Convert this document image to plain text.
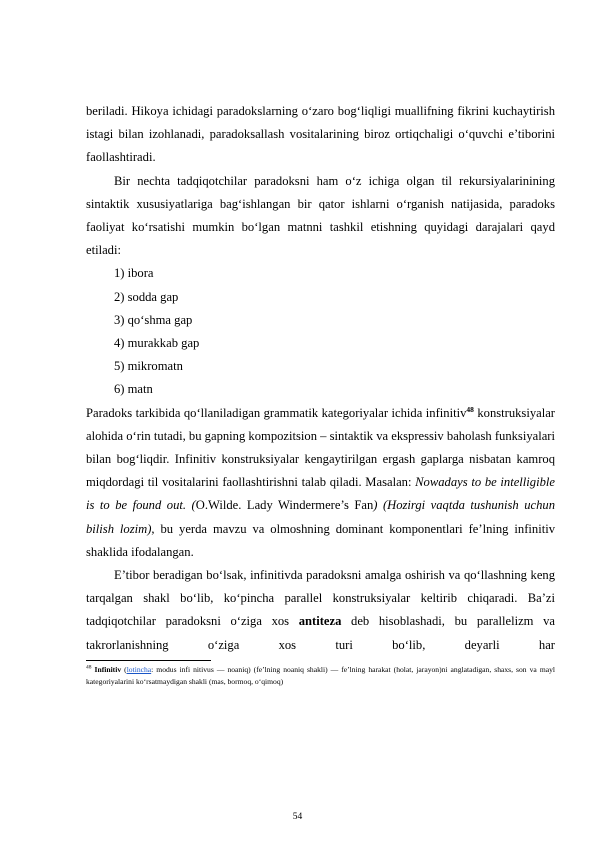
beriladi. Hikoya ichidagi paradokslarning o‘zaro bog‘liqligi muallifning fikrini kuchaytirish istagi bilan izohlanadi, paradoksallash vositalarining biroz ortiqchaligi o‘quvchi e’tiborini faollashtiradi.

Bir nechta tadqiqotchilar paradoksni ham o‘z ichiga olgan til rekursiyalarinining sintaktik xususiyatlariga bag‘ishlangan bir qator ishlarni o‘rganish natijasida, paradoks faoliyat ko‘rsatishi mumkin bo‘lgan matnni tashkil etishning quyidagi darajalari qayd etiladi:

1) ibora
2) sodda gap
3) qo‘shma gap
4) murakkab gap
5) mikromatn
6) matn

Paradoks tarkibida qo‘llaniladigan grammatik kategoriyalar ichida infinitiv$^{48}$ konstruksiyalar alohida o‘rin tutadi, bu gapning kompozitsion – sintaktik va ekspressiv baholash funksiyalari bilan bog‘liqdir. Infinitiv konstruksiyalar kengaytirilgan ergash gaplarga nisbatan kamroq miqdordagi til vositalarini faollashtirishni talab qiladi. Masalan: Nowadays to be intelligible is to be found out. (O.Wilde. Lady Windermere’s Fan) (Hozirgi vaqtda tushunish uchun bilish lozim), bu yerda mavzu va olmoshning dominant komponentlari fe’lning infinitiv shaklida ifodalangan.

E’tibor beradigan bo‘lsak, infinitivda paradoksni amalga oshirish va qo‘llashning keng tarqalgan shakl bo‘lib, ko‘pincha parallel konstruksiyalar keltirib chiqaradi. Ba’zi tadqiqotchilar paradoksni o‘ziga xos antiteza deb hisoblashadi, bu parallelizm va takrorlanishning o‘ziga xos turi bo‘lib, deyarli har

$^{48}$ Infinitiv (lotincha: modus infi nitivus — noaniq) (fe’lning noaniq shakli) — fe’lning harakat (holat, jarayon)ni anglatadigan, shaxs, son va mayl kategoriyalarini ko‘rsatmaydigan shakli (mas, bormoq, o‘qimoq)

54
